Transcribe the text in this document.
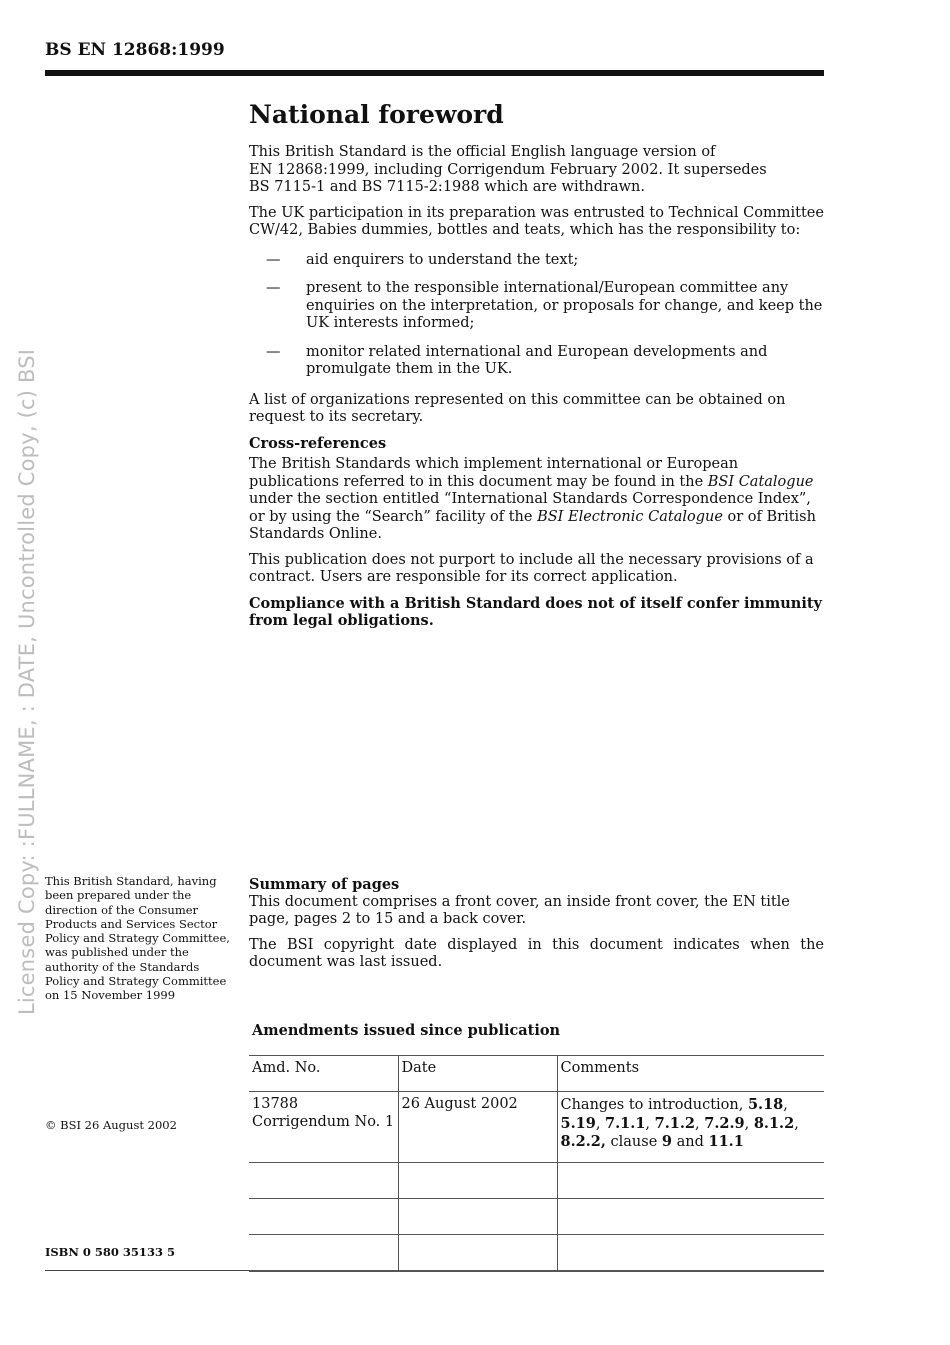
BS EN 12868:1999
Licensed Copy: :FULLNAME, : DATE, Uncontrolled Copy, (c) BSI
National foreword

This British Standard is the official English language version of
EN 12868:1999, including Corrigendum February 2002. It supersedes
BS 7115-1 and BS 7115-2:1988 which are withdrawn.

The UK participation in its preparation was entrusted to Technical Committee CW/42, Babies dummies, bottles and teats, which has the responsibility to:

—	aid enquirers to understand the text;
—	present to the responsible international/European committee any enquiries on the interpretation, or proposals for change, and keep the UK interests informed;
—	monitor related international and European developments and promulgate them in the UK.

A list of organizations represented on this committee can be obtained on request to its secretary.

Cross-references

The British Standards which implement international or European publications referred to in this document may be found in the BSI Catalogue under the section entitled “International Standards Correspondence Index”, or by using the “Search” facility of the BSI Electronic Catalogue or of British Standards Online.

This publication does not purport to include all the necessary provisions of a contract. Users are responsible for its correct application.

Compliance with a British Standard does not of itself confer immunity from legal obligations.

This British Standard, having been prepared under the direction of the Consumer Products and Services Sector Policy and Strategy Committee, was published under the authority of the Standards Policy and Strategy Committee on 15 November 1999
© BSI 26 August 2002
ISBN 0 580 35133 5
Summary of pages

This document comprises a front cover, an inside front cover, the EN title page, pages 2 to 15 and a back cover.

The BSI copyright date displayed in this document indicates when the document was last issued.

Amendments issued since publication
Amd. No.	Date	Comments
13788
Corrigendum No. 1	26 August 2002	Changes to introduction, 5.18, 5.19, 7.1.1, 7.1.2, 7.2.9, 8.1.2, 8.2.2, clause 9 and 11.1
